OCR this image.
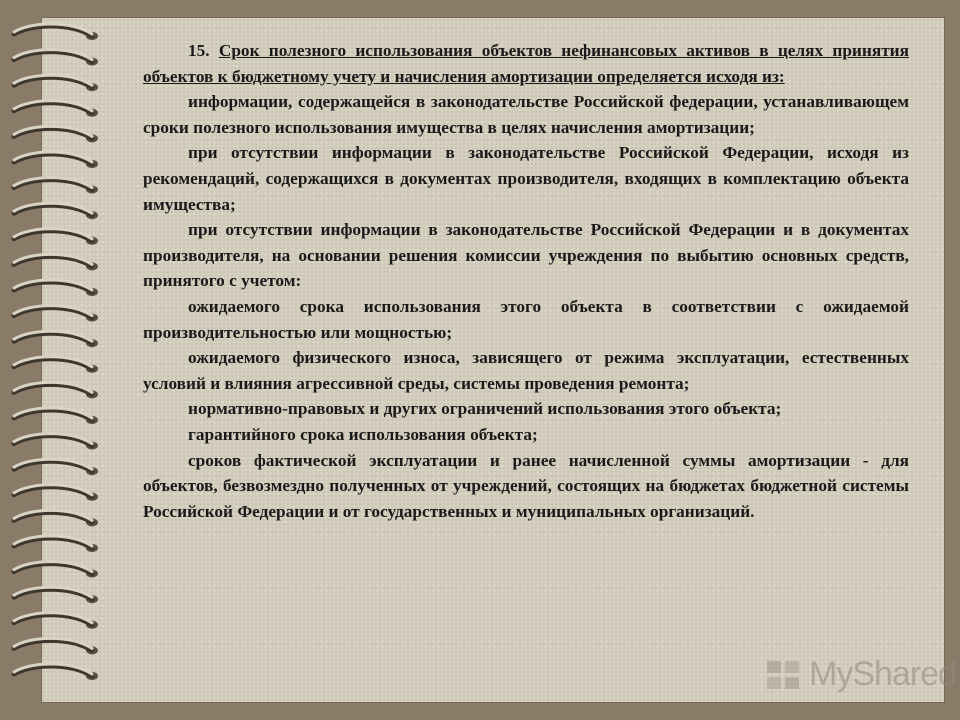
15. Срок полезного использования объектов нефинансовых активов в целях принятия объектов к бюджетному учету и начисления амортизации определяется исходя из:

информации, содержащейся в законодательстве Российской федерации, устанавливающем сроки полезного использования имущества в целях начисления амортизации;

при отсутствии информации в законодательстве Российской Федерации, исходя из рекомендаций, содержащихся в документах производителя, входящих в комплектацию объекта имущества;

при отсутствии информации в законодательстве Российской Федерации и в документах производителя, на основании решения комиссии учреждения по выбытию основных средств, принятого с учетом:

ожидаемого срока использования этого объекта в соответствии с ожидаемой производительностью или мощностью;

ожидаемого физического износа, зависящего от режима эксплуатации, естественных условий и влияния агрессивной среды, системы проведения ремонта;

нормативно-правовых и других ограничений использования этого объекта;

гарантийного срока использования объекта;

сроков фактической эксплуатации и ранее начисленной суммы амортизации - для объектов, безвозмездно полученных от учреждений, состоящих на бюджетах бюджетной системы Российской Федерации и от государственных и муниципальных организаций.

MyShared
